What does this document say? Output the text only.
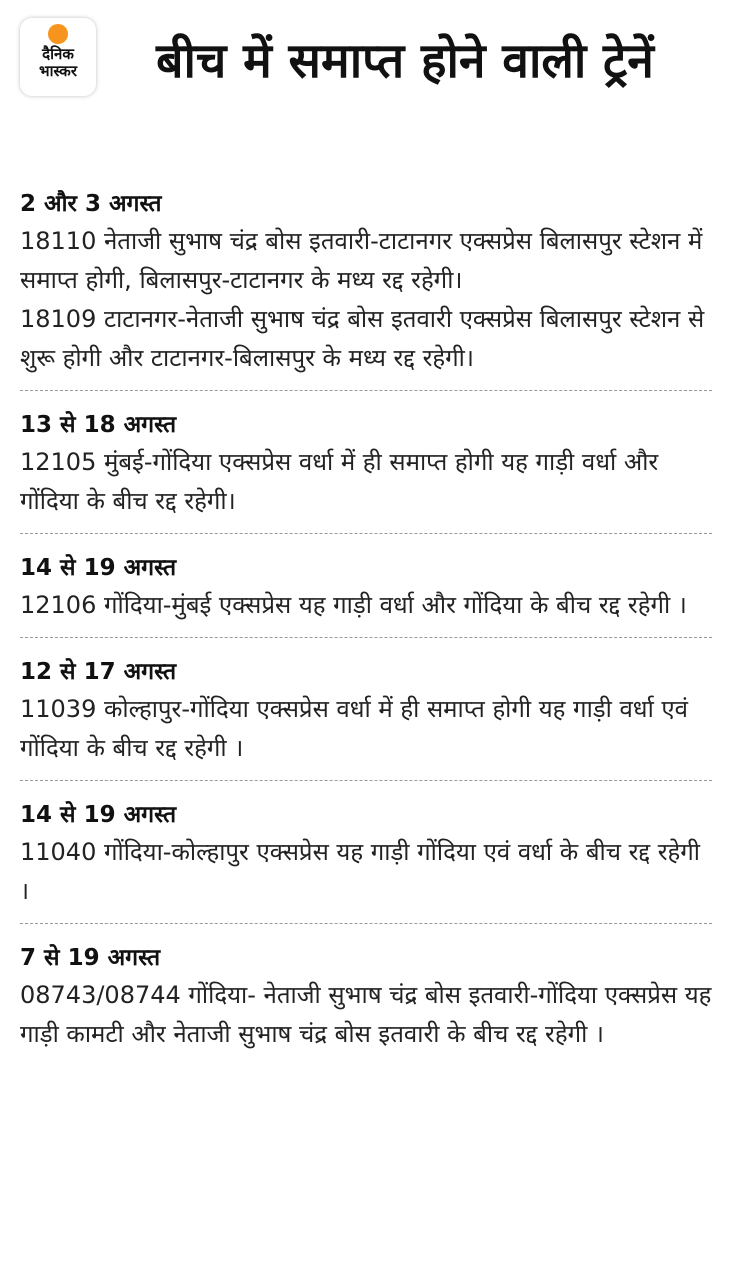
दैनिक
भास्कर	बीच में समाप्त होने वाली ट्रेनें
2 और 3 अगस्त
18110 नेताजी सुभाष चंद्र बोस इतवारी-टाटानगर एक्सप्रेस बिलासपुर स्टेशन में समाप्त होगी, बिलासपुर-टाटानगर के मध्य रद्द रहेगी।
18109 टाटानगर-नेताजी सुभाष चंद्र बोस इतवारी एक्सप्रेस बिलासपुर स्टेशन से शुरू होगी और टाटानगर-बिलासपुर के मध्य रद्द रहेगी।
13 से 18 अगस्त
12105 मुंबई-गोंदिया एक्सप्रेस वर्धा में ही समाप्त होगी यह गाड़ी वर्धा और गोंदिया के बीच रद्द रहेगी।
14 से 19 अगस्त
12106 गोंदिया-मुंबई एक्सप्रेस यह गाड़ी वर्धा और गोंदिया के बीच रद्द रहेगी ।
12 से 17 अगस्त
11039 कोल्हापुर-गोंदिया एक्सप्रेस वर्धा में ही समाप्त होगी यह गाड़ी वर्धा एवं गोंदिया के बीच रद्द रहेगी ।
14 से 19 अगस्त
11040 गोंदिया-कोल्हापुर एक्सप्रेस यह गाड़ी गोंदिया एवं वर्धा के बीच रद्द रहेगी ।
7 से 19 अगस्त
08743/08744 गोंदिया- नेताजी सुभाष चंद्र बोस इतवारी-गोंदिया एक्सप्रेस यह गाड़ी कामटी और नेताजी सुभाष चंद्र बोस इतवारी के बीच रद्द रहेगी ।
